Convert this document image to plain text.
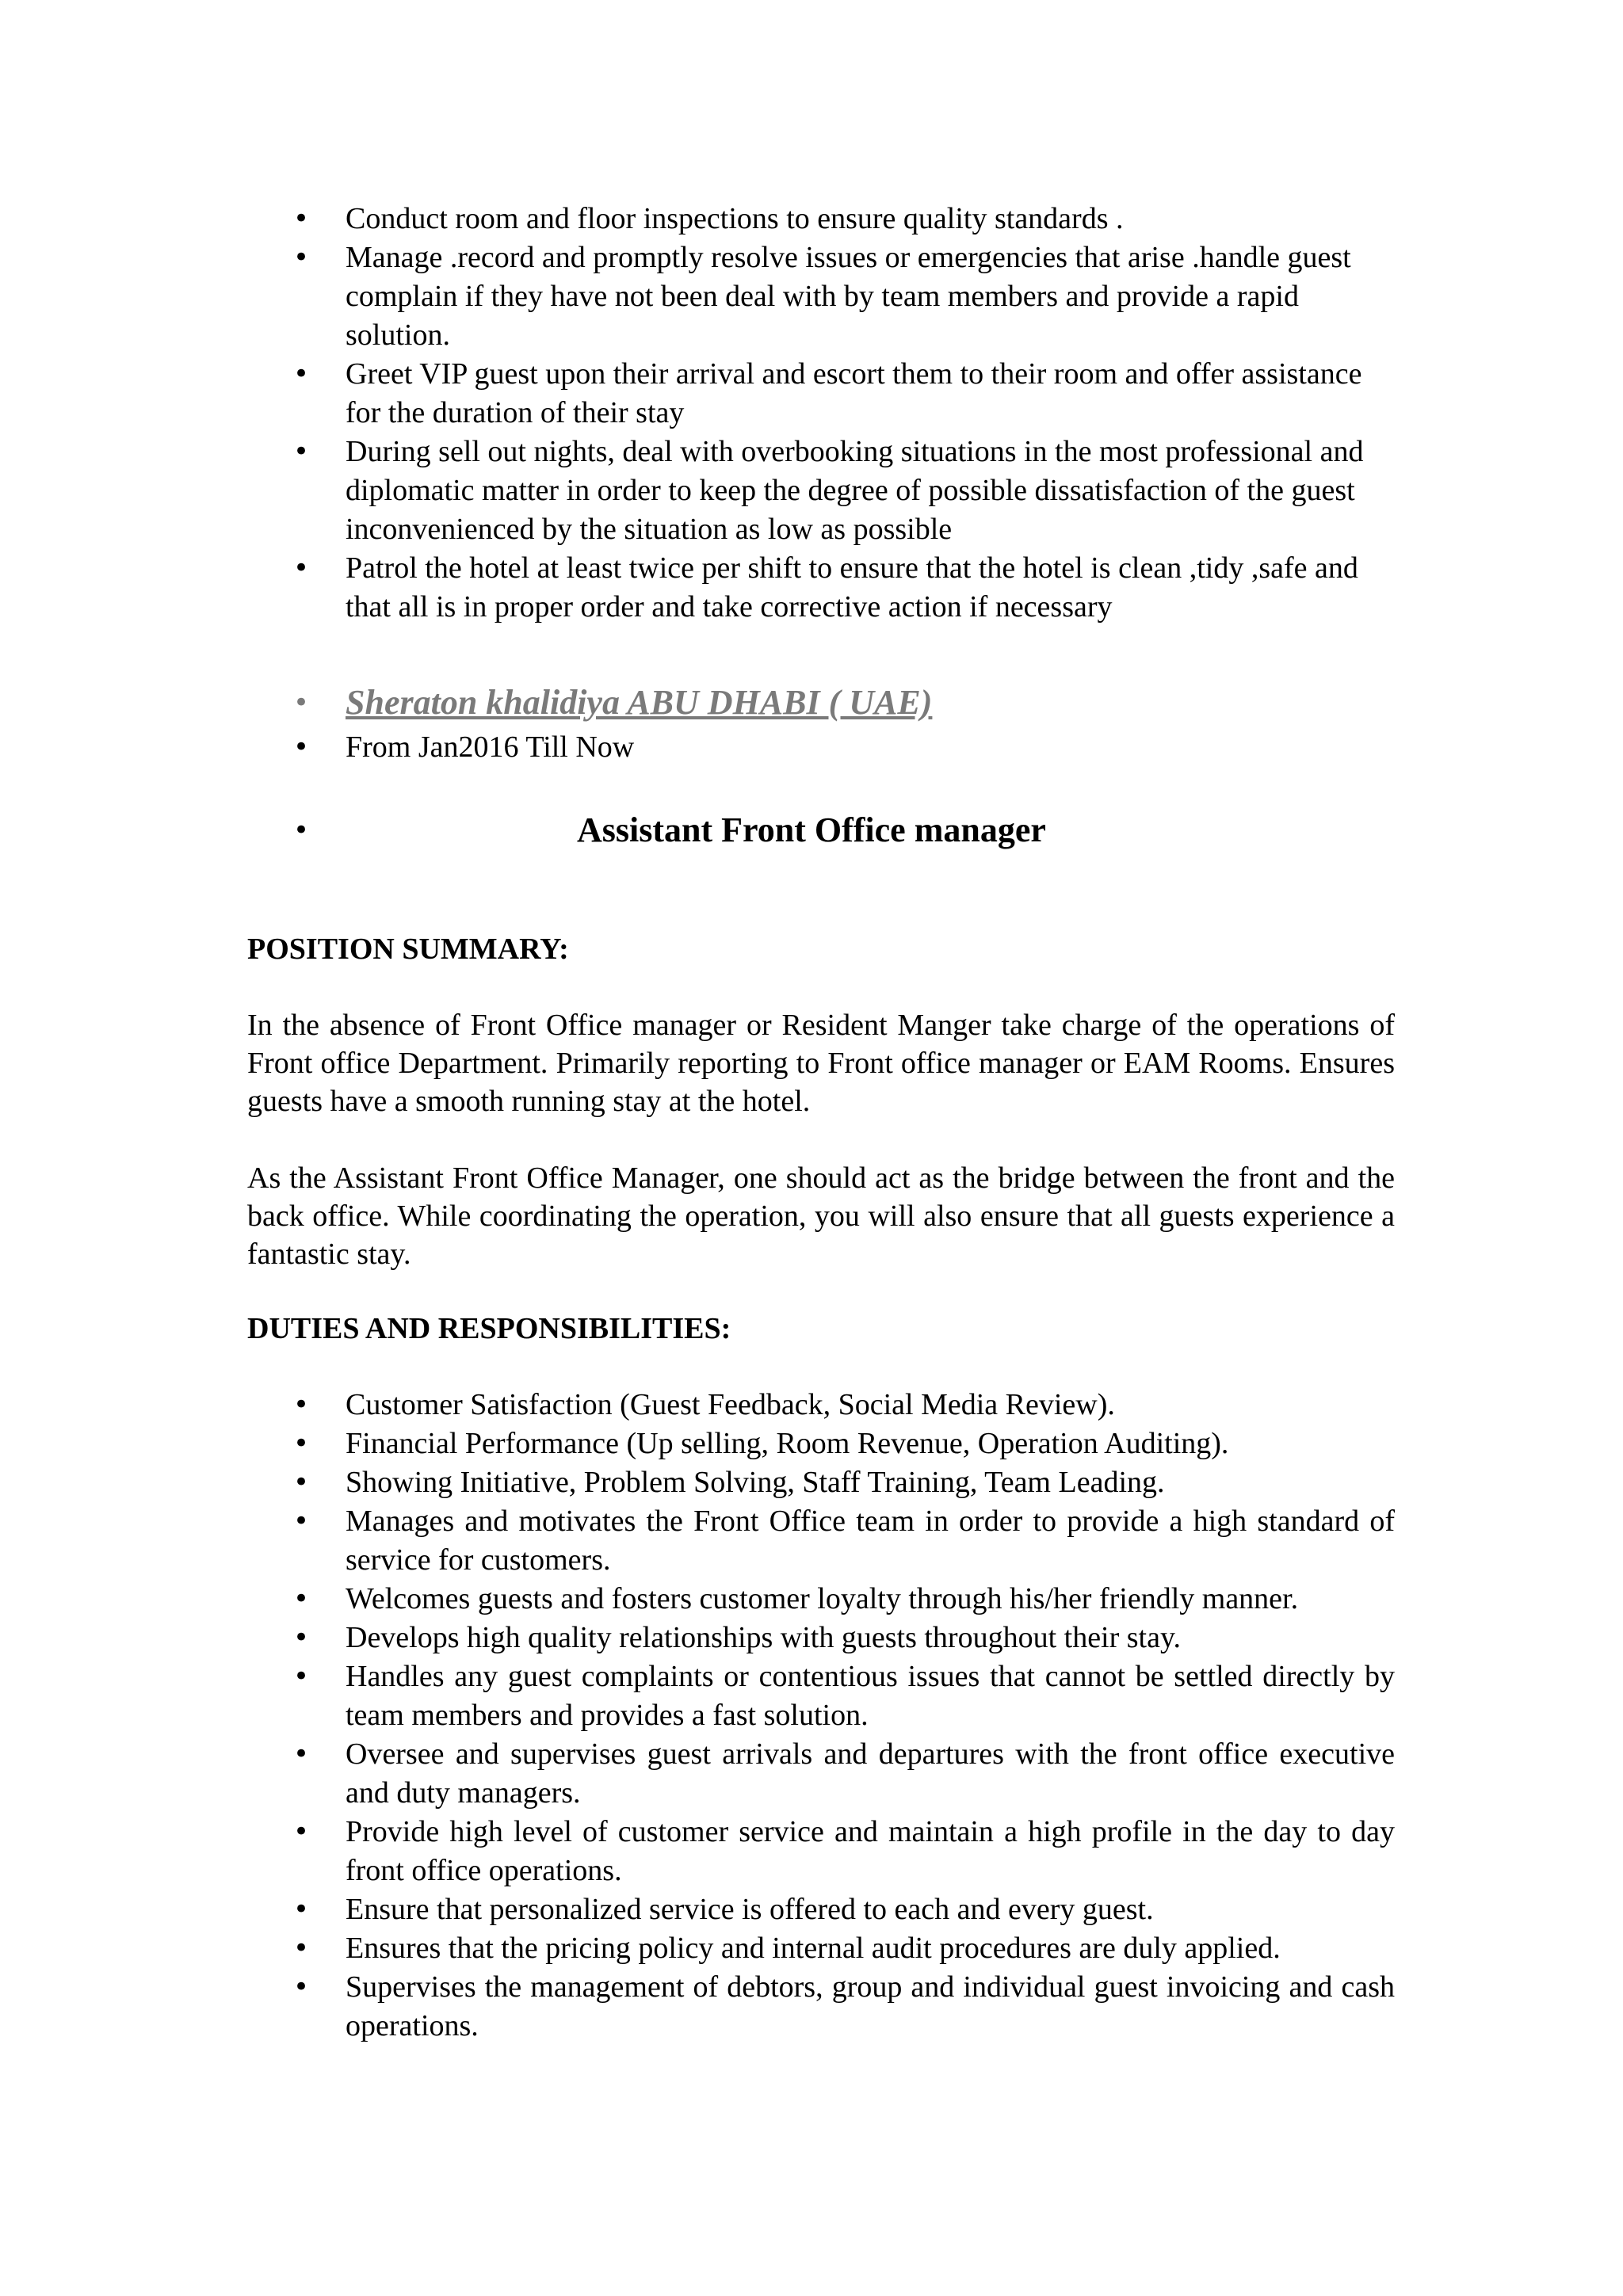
• Conduct room and floor inspections to ensure quality standards .
• Manage .record and promptly resolve issues or emergencies that arise .handle guest complain if they have not been deal with by team members and provide a rapid solution.
• Greet VIP guest upon their arrival and escort them to their room and offer assistance for the duration of their stay
• During sell out nights, deal with overbooking situations in the most professional and diplomatic matter in order to keep the degree of possible dissatisfaction of the guest inconvenienced by the situation as low as possible
• Patrol the hotel at least twice per shift to ensure that the hotel is clean ,tidy ,safe and that all is in proper order and take corrective action if necessary
• Sheraton khalidiya ABU DHABI ( UAE)
• From Jan2016 Till Now
• Assistant Front Office manager
POSITION SUMMARY:

In the absence of Front Office manager or Resident Manger take charge of the operations of Front office Department. Primarily reporting to Front office manager or EAM Rooms. Ensures guests have a smooth running stay at the hotel.

As the Assistant Front Office Manager, one should act as the bridge between the front and the back office. While coordinating the operation, you will also ensure that all guests experience a fantastic stay.

DUTIES AND RESPONSIBILITIES:
• Customer Satisfaction (Guest Feedback, Social Media Review).
• Financial Performance (Up selling, Room Revenue, Operation Auditing).
• Showing Initiative, Problem Solving, Staff Training, Team Leading.
• Manages and motivates the Front Office team in order to provide a high standard of service for customers.
• Welcomes guests and fosters customer loyalty through his/her friendly manner.
• Develops high quality relationships with guests throughout their stay.
• Handles any guest complaints or contentious issues that cannot be settled directly by team members and provides a fast solution.
• Oversee and supervises guest arrivals and departures with the front office executive and duty managers.
• Provide high level of customer service and maintain a high profile in the day to day front office operations.
• Ensure that personalized service is offered to each and every guest.
• Ensures that the pricing policy and internal audit procedures are duly applied.
• Supervises the management of debtors, group and individual guest invoicing and cash operations.
